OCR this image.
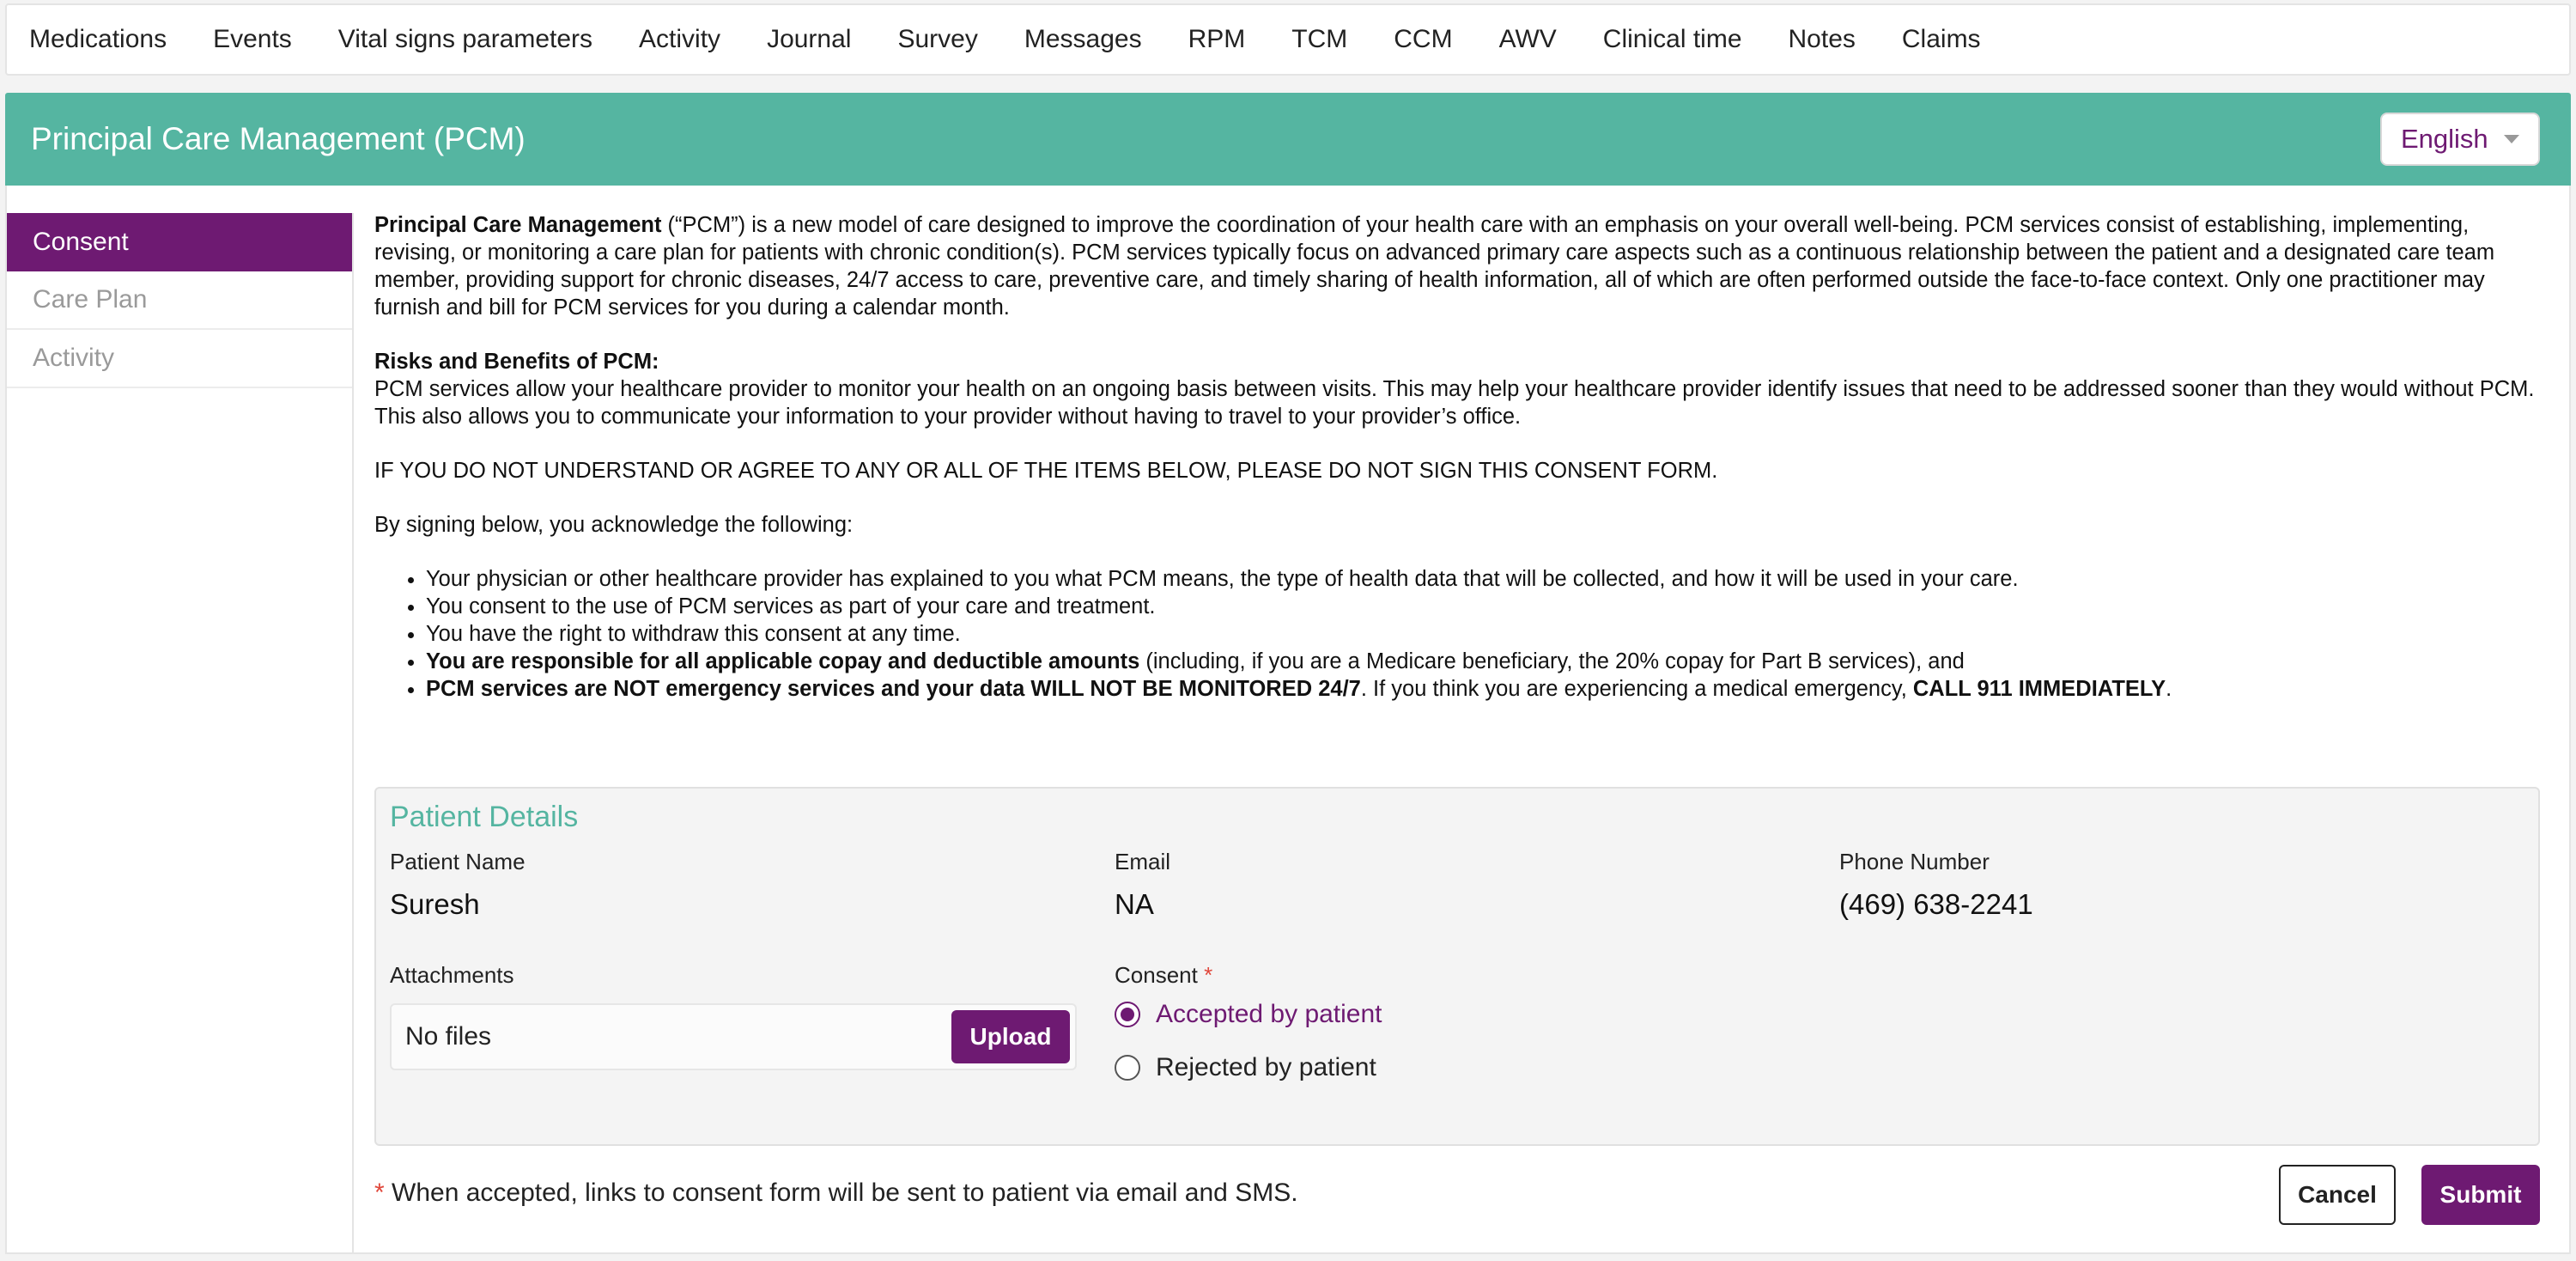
Medications Events Vital signs parameters Activity Journal Survey Messages RPM TCM CCM AWV Clinical time Notes Claims
Principal Care Management (PCM)	English
Consent
Care Plan
Activity

Principal Care Management (“PCM”) is a new model of care designed to improve the coordination of your health care with an emphasis on your overall well-being. PCM services consist of establishing, implementing, revising, or monitoring a care plan for patients with chronic condition(s). PCM services typically focus on advanced primary care aspects such as a continuous relationship between the patient and a designated care team member, providing support for chronic diseases, 24/7 access to care, preventive care, and timely sharing of health information, all of which are often performed outside the face-to-face context. Only one practitioner may furnish and bill for PCM services for you during a calendar month.

Risks and Benefits of PCM:
PCM services allow your healthcare provider to monitor your health on an ongoing basis between visits. This may help your healthcare provider identify issues that need to be addressed sooner than they would without PCM. This also allows you to communicate your information to your provider without having to travel to your provider’s office.

IF YOU DO NOT UNDERSTAND OR AGREE TO ANY OR ALL OF THE ITEMS BELOW, PLEASE DO NOT SIGN THIS CONSENT FORM.

By signing below, you acknowledge the following:

• Your physician or other healthcare provider has explained to you what PCM means, the type of health data that will be collected, and how it will be used in your care.
• You consent to the use of PCM services as part of your care and treatment.
• You have the right to withdraw this consent at any time.
• You are responsible for all applicable copay and deductible amounts (including, if you are a Medicare beneficiary, the 20% copay for Part B services), and
• PCM services are NOT emergency services and your data WILL NOT BE MONITORED 24/7. If you think you are experiencing a medical emergency, CALL 911 IMMEDIATELY.
Patient Details
Patient Name
Suresh
Email
NA
Phone Number
(469) 638-2241
Attachments
No files	Upload
Consent *
Accepted by patient
Rejected by patient
* When accepted, links to consent form will be sent to patient via email and SMS.	Cancel	Submit
